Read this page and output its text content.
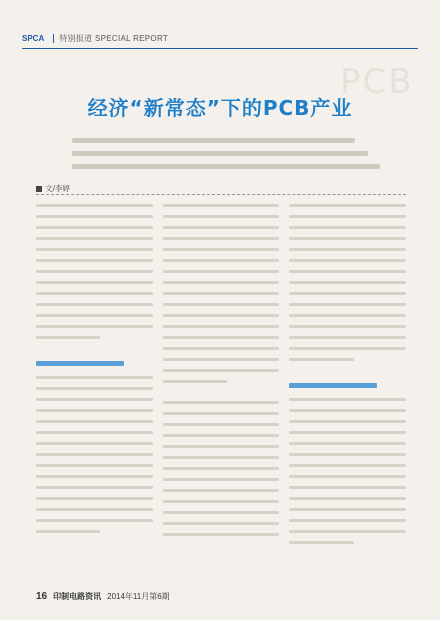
SPCA 特别报道 SPECIAL REPORT
PCB
经济“新常态”下的PCB产业
文/李婷
16 印制电路资讯 2014年11月第6期
